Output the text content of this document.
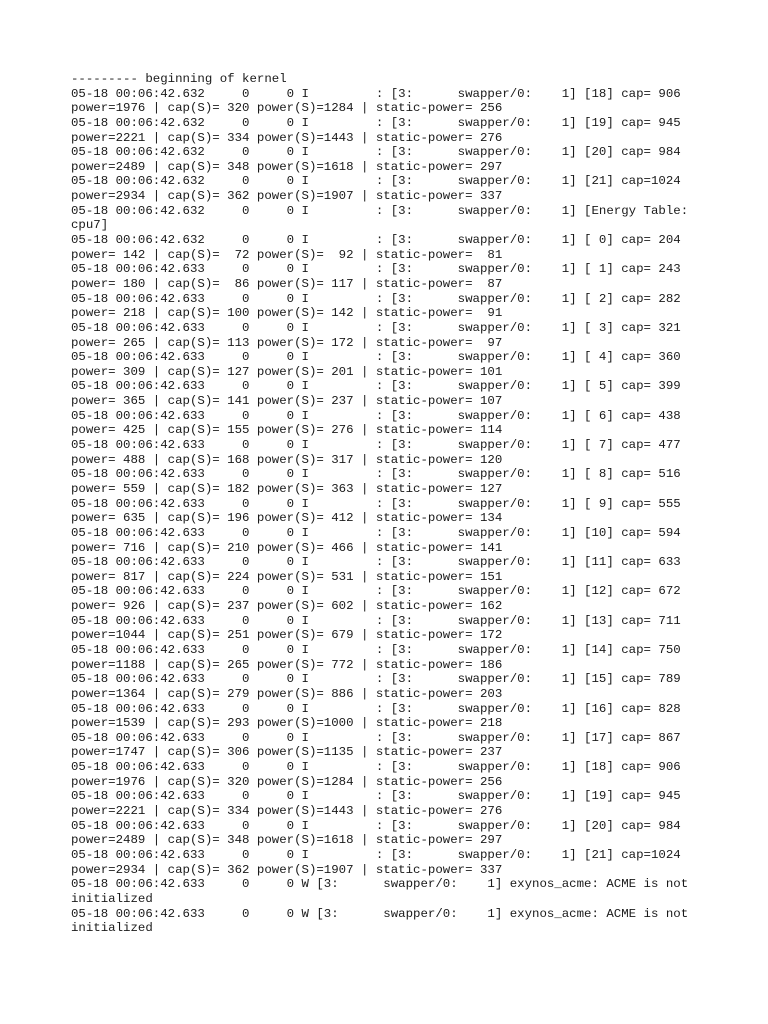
--------- beginning of kernel
05-18 00:06:42.632     0     0 I         : [3:      swapper/0:    1] [18] cap= 906
power=1976 | cap(S)= 320 power(S)=1284 | static-power= 256
05-18 00:06:42.632     0     0 I         : [3:      swapper/0:    1] [19] cap= 945
power=2221 | cap(S)= 334 power(S)=1443 | static-power= 276
05-18 00:06:42.632     0     0 I         : [3:      swapper/0:    1] [20] cap= 984
power=2489 | cap(S)= 348 power(S)=1618 | static-power= 297
05-18 00:06:42.632     0     0 I         : [3:      swapper/0:    1] [21] cap=1024
power=2934 | cap(S)= 362 power(S)=1907 | static-power= 337
05-18 00:06:42.632     0     0 I         : [3:      swapper/0:    1] [Energy Table:
cpu7]
05-18 00:06:42.632     0     0 I         : [3:      swapper/0:    1] [ 0] cap= 204
power= 142 | cap(S)=  72 power(S)=  92 | static-power=  81
05-18 00:06:42.633     0     0 I         : [3:      swapper/0:    1] [ 1] cap= 243
power= 180 | cap(S)=  86 power(S)= 117 | static-power=  87
05-18 00:06:42.633     0     0 I         : [3:      swapper/0:    1] [ 2] cap= 282
power= 218 | cap(S)= 100 power(S)= 142 | static-power=  91
05-18 00:06:42.633     0     0 I         : [3:      swapper/0:    1] [ 3] cap= 321
power= 265 | cap(S)= 113 power(S)= 172 | static-power=  97
05-18 00:06:42.633     0     0 I         : [3:      swapper/0:    1] [ 4] cap= 360
power= 309 | cap(S)= 127 power(S)= 201 | static-power= 101
05-18 00:06:42.633     0     0 I         : [3:      swapper/0:    1] [ 5] cap= 399
power= 365 | cap(S)= 141 power(S)= 237 | static-power= 107
05-18 00:06:42.633     0     0 I         : [3:      swapper/0:    1] [ 6] cap= 438
power= 425 | cap(S)= 155 power(S)= 276 | static-power= 114
05-18 00:06:42.633     0     0 I         : [3:      swapper/0:    1] [ 7] cap= 477
power= 488 | cap(S)= 168 power(S)= 317 | static-power= 120
05-18 00:06:42.633     0     0 I         : [3:      swapper/0:    1] [ 8] cap= 516
power= 559 | cap(S)= 182 power(S)= 363 | static-power= 127
05-18 00:06:42.633     0     0 I         : [3:      swapper/0:    1] [ 9] cap= 555
power= 635 | cap(S)= 196 power(S)= 412 | static-power= 134
05-18 00:06:42.633     0     0 I         : [3:      swapper/0:    1] [10] cap= 594
power= 716 | cap(S)= 210 power(S)= 466 | static-power= 141
05-18 00:06:42.633     0     0 I         : [3:      swapper/0:    1] [11] cap= 633
power= 817 | cap(S)= 224 power(S)= 531 | static-power= 151
05-18 00:06:42.633     0     0 I         : [3:      swapper/0:    1] [12] cap= 672
power= 926 | cap(S)= 237 power(S)= 602 | static-power= 162
05-18 00:06:42.633     0     0 I         : [3:      swapper/0:    1] [13] cap= 711
power=1044 | cap(S)= 251 power(S)= 679 | static-power= 172
05-18 00:06:42.633     0     0 I         : [3:      swapper/0:    1] [14] cap= 750
power=1188 | cap(S)= 265 power(S)= 772 | static-power= 186
05-18 00:06:42.633     0     0 I         : [3:      swapper/0:    1] [15] cap= 789
power=1364 | cap(S)= 279 power(S)= 886 | static-power= 203
05-18 00:06:42.633     0     0 I         : [3:      swapper/0:    1] [16] cap= 828
power=1539 | cap(S)= 293 power(S)=1000 | static-power= 218
05-18 00:06:42.633     0     0 I         : [3:      swapper/0:    1] [17] cap= 867
power=1747 | cap(S)= 306 power(S)=1135 | static-power= 237
05-18 00:06:42.633     0     0 I         : [3:      swapper/0:    1] [18] cap= 906
power=1976 | cap(S)= 320 power(S)=1284 | static-power= 256
05-18 00:06:42.633     0     0 I         : [3:      swapper/0:    1] [19] cap= 945
power=2221 | cap(S)= 334 power(S)=1443 | static-power= 276
05-18 00:06:42.633     0     0 I         : [3:      swapper/0:    1] [20] cap= 984
power=2489 | cap(S)= 348 power(S)=1618 | static-power= 297
05-18 00:06:42.633     0     0 I         : [3:      swapper/0:    1] [21] cap=1024
power=2934 | cap(S)= 362 power(S)=1907 | static-power= 337
05-18 00:06:42.633     0     0 W [3:      swapper/0:    1] exynos_acme: ACME is not
initialized
05-18 00:06:42.633     0     0 W [3:      swapper/0:    1] exynos_acme: ACME is not
initialized
